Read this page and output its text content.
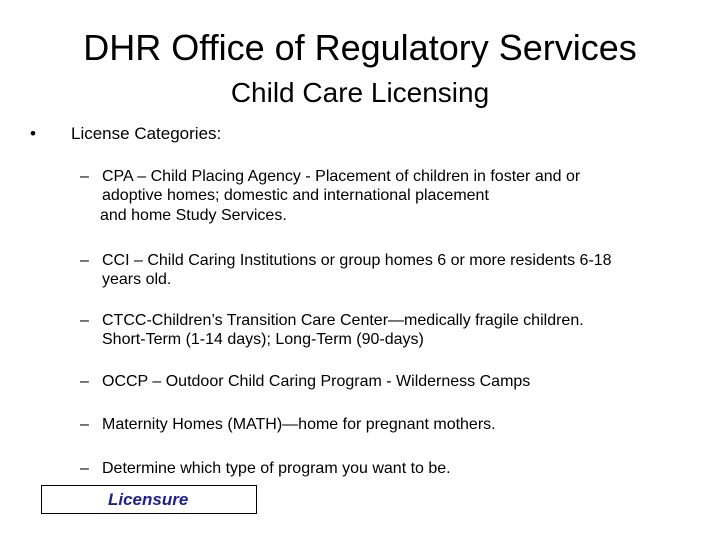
DHR Office of Regulatory Services
Child Care Licensing
• License Categories:
– CPA – Child Placing Agency - Placement of children in foster and or
adoptive homes; domestic and international placement
and home Study Services.
– CCI – Child Caring Institutions or group homes 6 or more residents 6-18
years old.
– CTCC-Children’s Transition Care Center—medically fragile children.
Short-Term (1-14 days); Long-Term (90-days)
– OCCP – Outdoor Child Caring Program - Wilderness Camps
– Maternity Homes (MATH)—home for pregnant mothers.
– Determine which type of program you want to be.
Licensure
